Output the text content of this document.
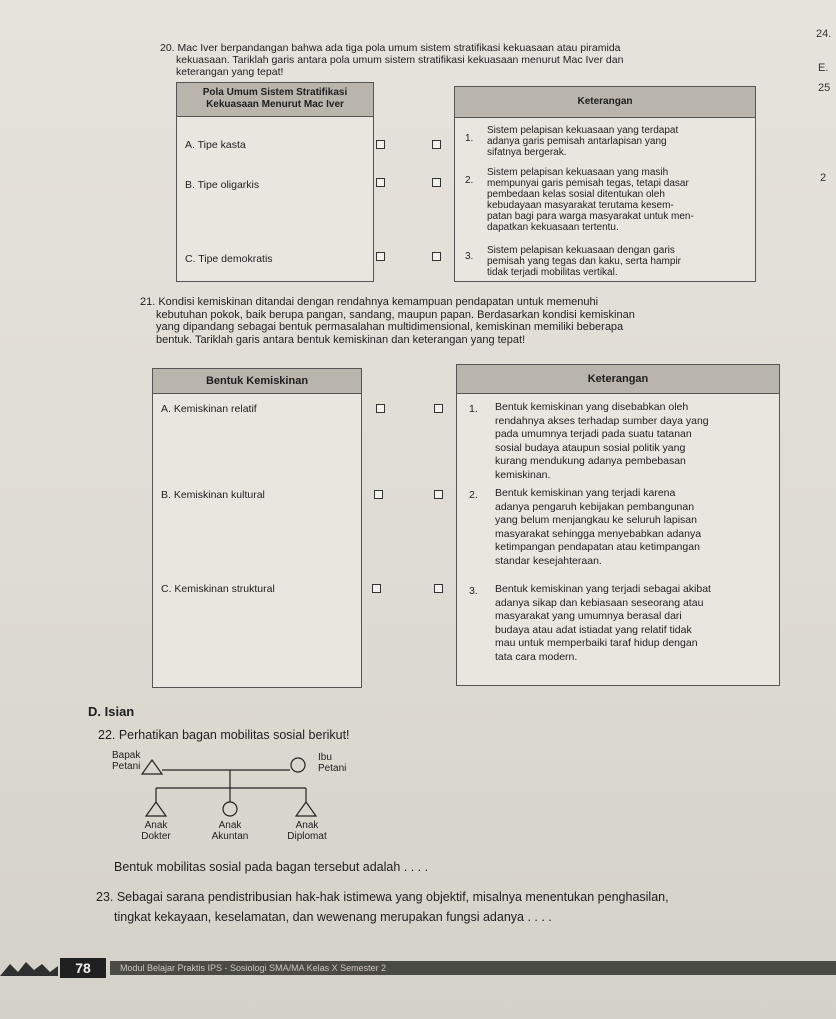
24.
E.
25
2
20. Mac Iver berpandangan bahwa ada tiga pola umum sistem stratifikasi kekuasaan atau piramida
kekuasaan. Tariklah garis antara pola umum sistem stratifikasi kekuasaan menurut Mac Iver dan
keterangan yang tepat!
Pola Umum Sistem Stratifikasi
Kekuasaan Menurut Mac Iver
A. Tipe kasta
B. Tipe oligarkis
C. Tipe demokratis
Keterangan
1.
Sistem pelapisan kekuasaan yang terdapat
adanya garis pemisah antarlapisan yang
sifatnya bergerak.
2.
Sistem pelapisan kekuasaan yang masih
mempunyai garis pemisah tegas, tetapi dasar
pembedaan kelas sosial ditentukan oleh
kebudayaan masyarakat terutama kesem-
patan bagi para warga masyarakat untuk men-
dapatkan kekuasaan tertentu.
3.
Sistem pelapisan kekuasaan dengan garis
pemisah yang tegas dan kaku, serta hampir
tidak terjadi mobilitas vertikal.
21. Kondisi kemiskinan ditandai dengan rendahnya kemampuan pendapatan untuk memenuhi
kebutuhan pokok, baik berupa pangan, sandang, maupun papan. Berdasarkan kondisi kemiskinan
yang dipandang sebagai bentuk permasalahan multidimensional, kemiskinan memiliki beberapa
bentuk. Tariklah garis antara bentuk kemiskinan dan keterangan yang tepat!
Bentuk Kemiskinan
A. Kemiskinan relatif
B. Kemiskinan kultural
C. Kemiskinan struktural
Keterangan
1. Bentuk kemiskinan yang disebabkan oleh
rendahnya akses terhadap sumber daya yang
pada umumnya terjadi pada suatu tatanan
sosial budaya ataupun sosial politik yang
kurang mendukung adanya pembebasan
kemiskinan.
2. Bentuk kemiskinan yang terjadi karena
adanya pengaruh kebijakan pembangunan
yang belum menjangkau ke seluruh lapisan
masyarakat sehingga menyebabkan adanya
ketimpangan pendapatan atau ketimpangan
standar kesejahteraan.
3. Bentuk kemiskinan yang terjadi sebagai akibat
adanya sikap dan kebiasaan seseorang atau
masyarakat yang umumnya berasal dari
budaya atau adat istiadat yang relatif tidak
mau untuk memperbaiki taraf hidup dengan
tata cara modern.
D. Isian
22. Perhatikan bagan mobilitas sosial berikut!
Bapak
Petani
Ibu
Petani
Anak
Dokter
Anak
Akuntan
Anak
Diplomat
Bentuk mobilitas sosial pada bagan tersebut adalah . . . .
23. Sebagai sarana pendistribusian hak-hak istimewa yang objektif, misalnya menentukan penghasilan,
tingkat kekayaan, keselamatan, dan wewenang merupakan fungsi adanya . . . .
78	Modul Belajar Praktis IPS - Sosiologi SMA/MA Kelas X Semester 2
